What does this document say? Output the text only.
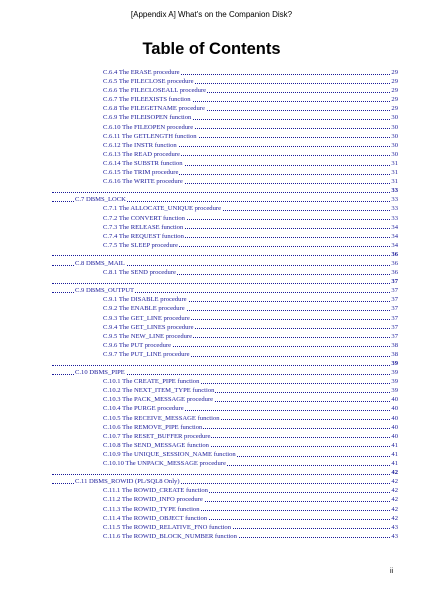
[Appendix A] What's on the Companion Disk?
Table of Contents
C.6.4 The ERASE procedure	29
C.6.5 The FILECLOSE procedure	29
C.6.6 The FILECLOSEALL procedure	29
C.6.7 The FILEEXISTS function	29
C.6.8 The FILEGETNAME procedure	29
C.6.9 The FILEISOPEN function	30
C.6.10 The FILEOPEN procedure	30
C.6.11 The GETLENGTH function	30
C.6.12 The INSTR function	30
C.6.13 The READ procedure	30
C.6.14 The SUBSTR function	31
C.6.15 The TRIM procedure	31
C.6.16 The WRITE procedure	31
33
C.7 DBMS_LOCK	33
C.7.1 The ALLOCATE_UNIQUE procedure	33
C.7.2 The CONVERT function	33
C.7.3 The RELEASE function	34
C.7.4 The REQUEST function	34
C.7.5 The SLEEP procedure	34
36
C.8 DBMS_MAIL	36
C.8.1 The SEND procedure	36
37
C.9 DBMS_OUTPUT	37
C.9.1 The DISABLE procedure	37
C.9.2 The ENABLE procedure	37
C.9.3 The GET_LINE procedure	37
C.9.4 The GET_LINES procedure	37
C.9.5 The NEW_LINE procedure	37
C.9.6 The PUT procedure	38
C.9.7 The PUT_LINE procedure	38
39
C.10 DBMS_PIPE	39
C.10.1 The CREATE_PIPE function	39
C.10.2 The NEXT_ITEM_TYPE function	39
C.10.3 The PACK_MESSAGE procedure	40
C.10.4 The PURGE procedure	40
C.10.5 The RECEIVE_MESSAGE function	40
C.10.6 The REMOVE_PIPE function	40
C.10.7 The RESET_BUFFER procedure	40
C.10.8 The SEND_MESSAGE function	41
C.10.9 The UNIQUE_SESSION_NAME function	41
C.10.10 The UNPACK_MESSAGE procedure	41
42
C.11 DBMS_ROWID (PL/SQL8 Only)	42
C.11.1 The ROWID_CREATE function	42
C.11.2 The ROWID_INFO procedure	42
C.11.3 The ROWID_TYPE function	42
C.11.4 The ROWID_OBJECT function	42
C.11.5 The ROWID_RELATIVE_FNO function	43
C.11.6 The ROWID_BLOCK_NUMBER function	43
ii
